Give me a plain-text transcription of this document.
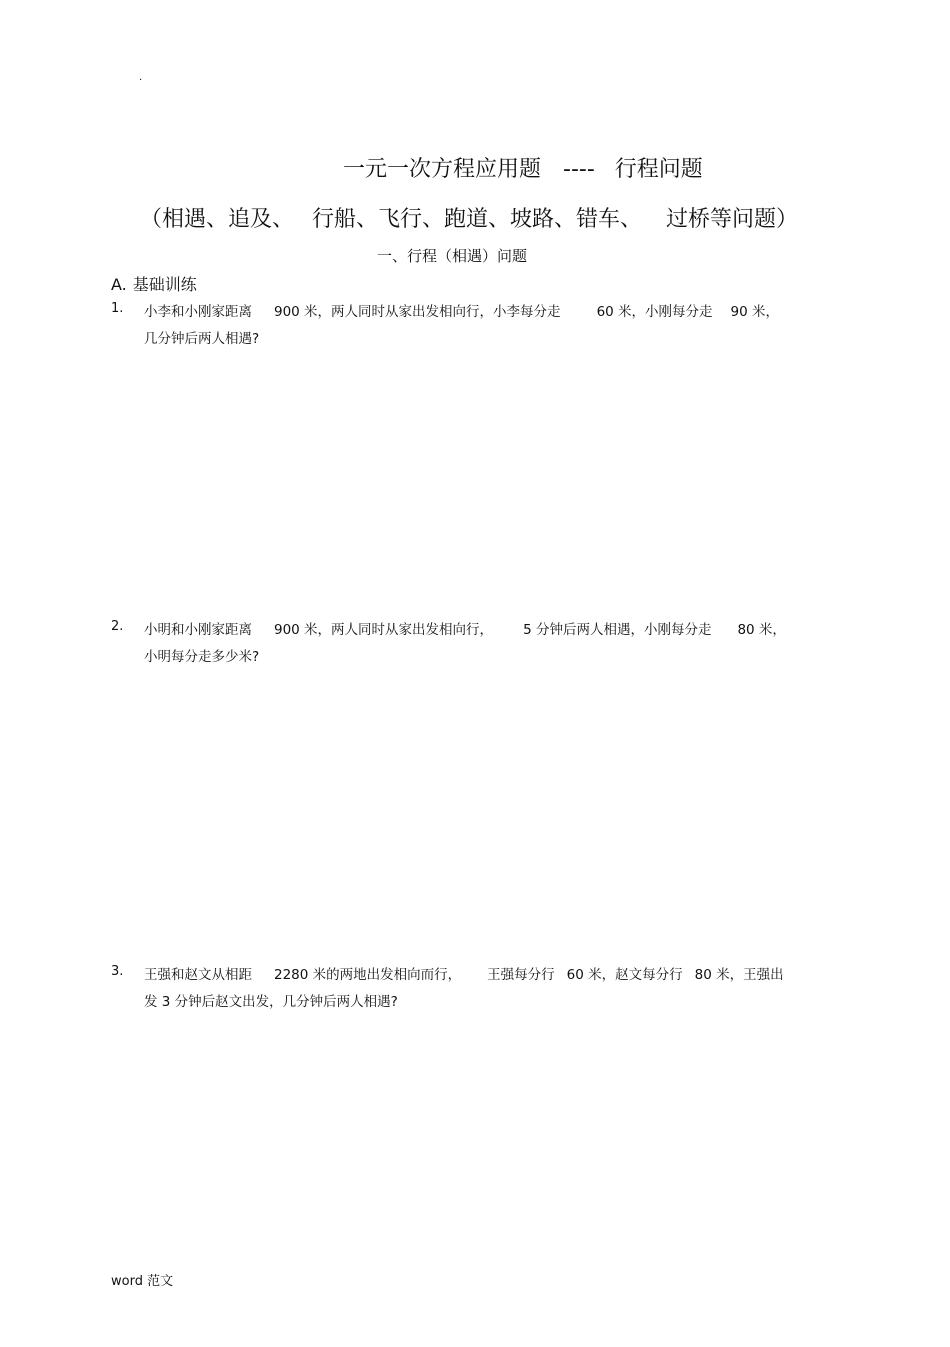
.
一元一次方程应用题 ---- 行程问题
（相遇、追及、 行船、飞行、跑道、坡路、错车、 过桥等问题）
一、行程（相遇）问题
A. 基础训练
1. 小李和小刚家距离 900 米，两人同时从家出发相向行，小李每分走	60 米，小刚每分走 90 米，
几分钟后两人相遇?
2. 小明和小刚家距离 900 米，两人同时从家出发相向行， 5 分钟后两人相遇，小刚每分走 80 米，
小明每分走多少米?
3. 王强和赵文从相距 2280 米的两地出发相向而行， 王强每分行 60 米，赵文每分行 80 米，王强出
发 3 分钟后赵文出发，几分钟后两人相遇?
word 范文
